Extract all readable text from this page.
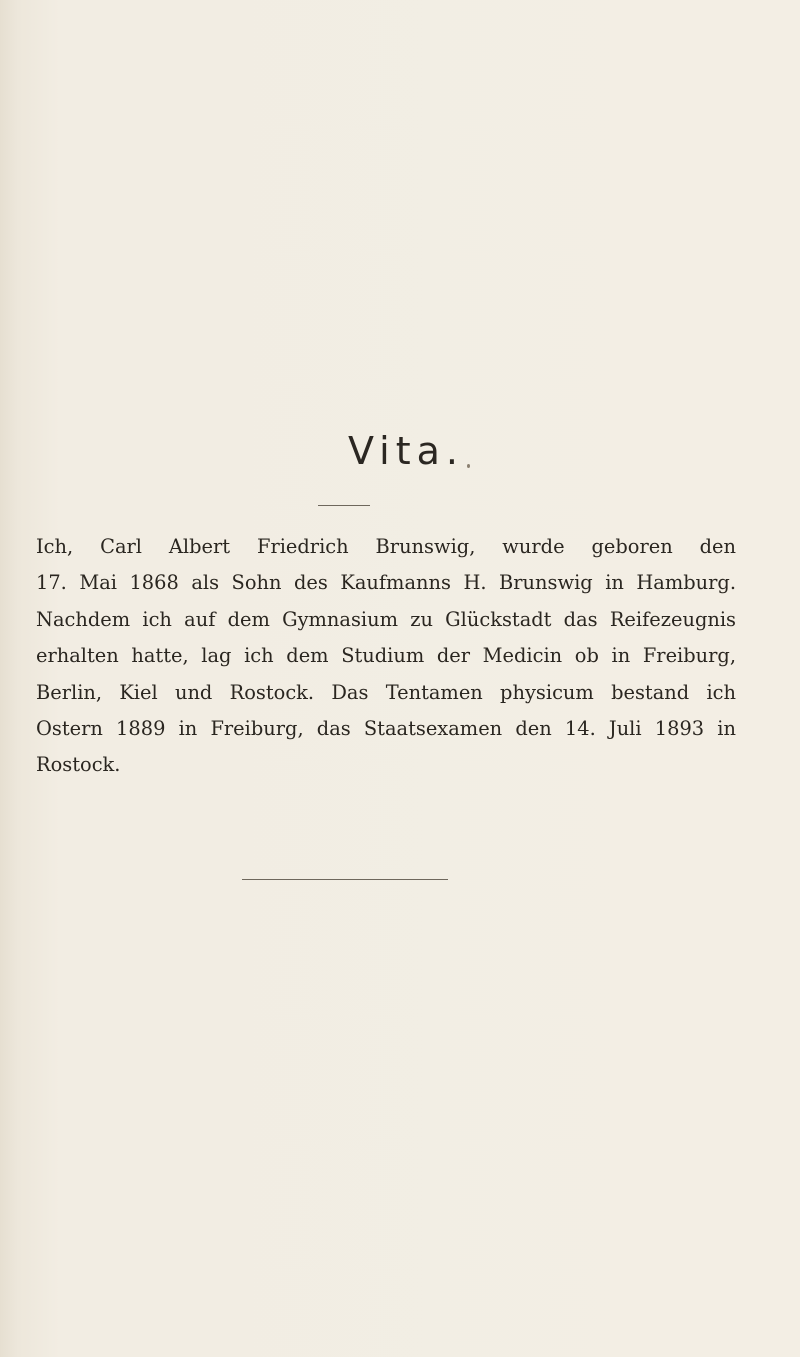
Vita.

Ich, Carl Albert Friedrich Brunswig, wurde geboren den
17. Mai 1868 als Sohn des Kaufmanns H. Brunswig in Hamburg.
Nachdem ich auf dem Gymnasium zu Glückstadt das Reifezeugnis
erhalten hatte, lag ich dem Studium der Medicin ob in Freiburg,
Berlin, Kiel und Rostock. Das Tentamen physicum bestand ich
Ostern 1889 in Freiburg, das Staatsexamen den 14. Juli 1893 in
Rostock.
